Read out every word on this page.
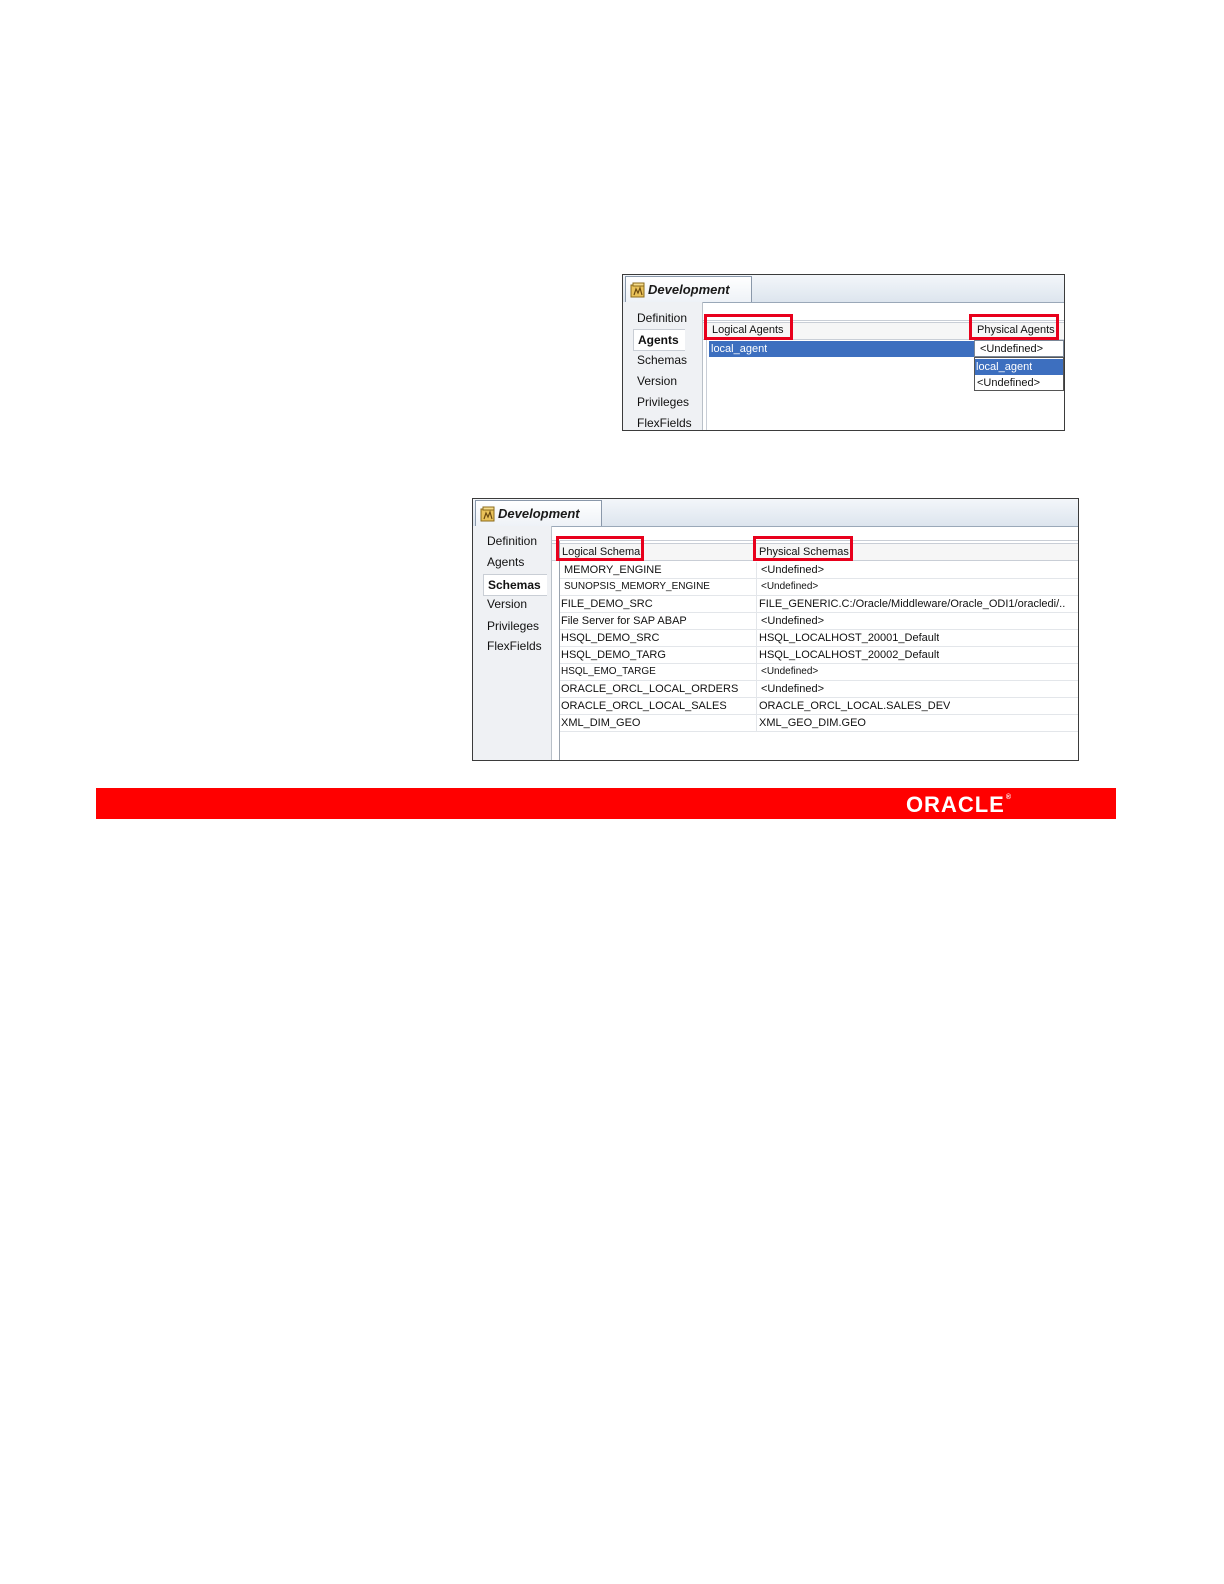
Development
Definition
Agents
Schemas
Version
Privileges
FlexFields
Logical Agents	Physical Agents
local_agent	<Undefined>
local_agent
<Undefined>
Development
Definition
Agents
Schemas
Version
Privileges
FlexFields
Logical Schema	Physical Schemas
MEMORY_ENGINE	<Undefined>
SUNOPSIS_MEMORY_ENGINE	<Undefined>
FILE_DEMO_SRC	FILE_GENERIC.C:/Oracle/Middleware/Oracle_ODI1/oracledi/..
File Server for SAP ABAP	<Undefined>
HSQL_DEMO_SRC	HSQL_LOCALHOST_20001_Default
HSQL_DEMO_TARG	HSQL_LOCALHOST_20002_Default
HSQL_EMO_TARGE	<Undefined>
ORACLE_ORCL_LOCAL_ORDERS <Undefined>
ORACLE_ORCL_LOCAL_SALES	ORACLE_ORCL_LOCAL.SALES_DEV
XML_DIM_GEO	XML_GEO_DIM.GEO
ORACLE®
